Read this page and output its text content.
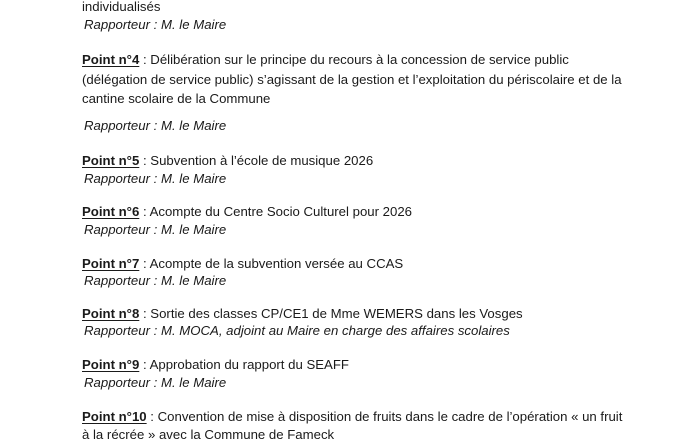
individualisés
Rapporteur : M. le Maire
Point n°4 : Délibération sur le principe du recours à la concession de service public
(délégation de service public) s’agissant de la gestion et l’exploitation du périscolaire et de la
cantine scolaire de la Commune
Rapporteur : M. le Maire
Point n°5 : Subvention à l’école de musique 2026
Rapporteur : M. le Maire
Point n°6 : Acompte du Centre Socio Culturel pour 2026
Rapporteur : M. le Maire
Point n°7 : Acompte de la subvention versée au CCAS
Rapporteur : M. le Maire
Point n°8 : Sortie des classes CP/CE1 de Mme WEMERS dans les Vosges
Rapporteur : M. MOCA, adjoint au Maire en charge des affaires scolaires
Point n°9 : Approbation du rapport du SEAFF
Rapporteur : M. le Maire
Point n°10 : Convention de mise à disposition de fruits dans le cadre de l’opération « un fruit
à la récrée » avec la Commune de Fameck
